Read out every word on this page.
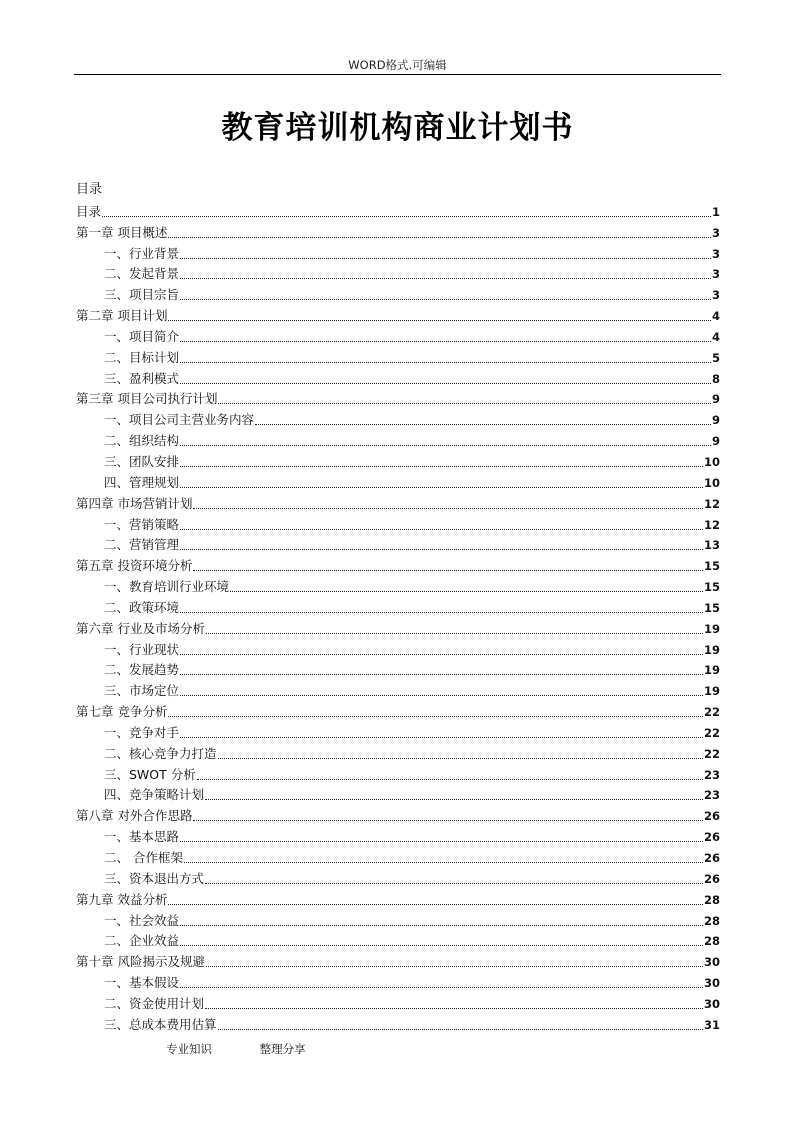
WORD格式.可编辑
教育培训机构商业计划书
目录
目录	1
第一章 项目概述	3
一、行业背景	3
二、发起背景	3
三、项目宗旨	3
第二章 项目计划	4
一、项目简介	4
二、目标计划	5
三、盈利模式	8
第三章 项目公司执行计划	9
一、项目公司主营业务内容	9
二、组织结构	9
三、团队安排	10
四、管理规划	10
第四章 市场营销计划	12
一、营销策略	12
二、营销管理	13
第五章 投资环境分析	15
一、教育培训行业环境	15
二、政策环境	15
第六章 行业及市场分析	19
一、行业现状	19
二、发展趋势	19
三、市场定位	19
第七章 竞争分析	22
一、竞争对手	22
二、核心竞争力打造	22
三、SWOT 分析	23
四、竞争策略计划	23
第八章 对外合作思路	26
一、基本思路	26
二、 合作框架	26
三、资本退出方式	26
第九章 效益分析	28
一、社会效益	28
二、企业效益	28
第十章 风险揭示及规避	30
一、基本假设	30
二、资金使用计划	30
三、总成本费用估算	31
专业知识	整理分享
